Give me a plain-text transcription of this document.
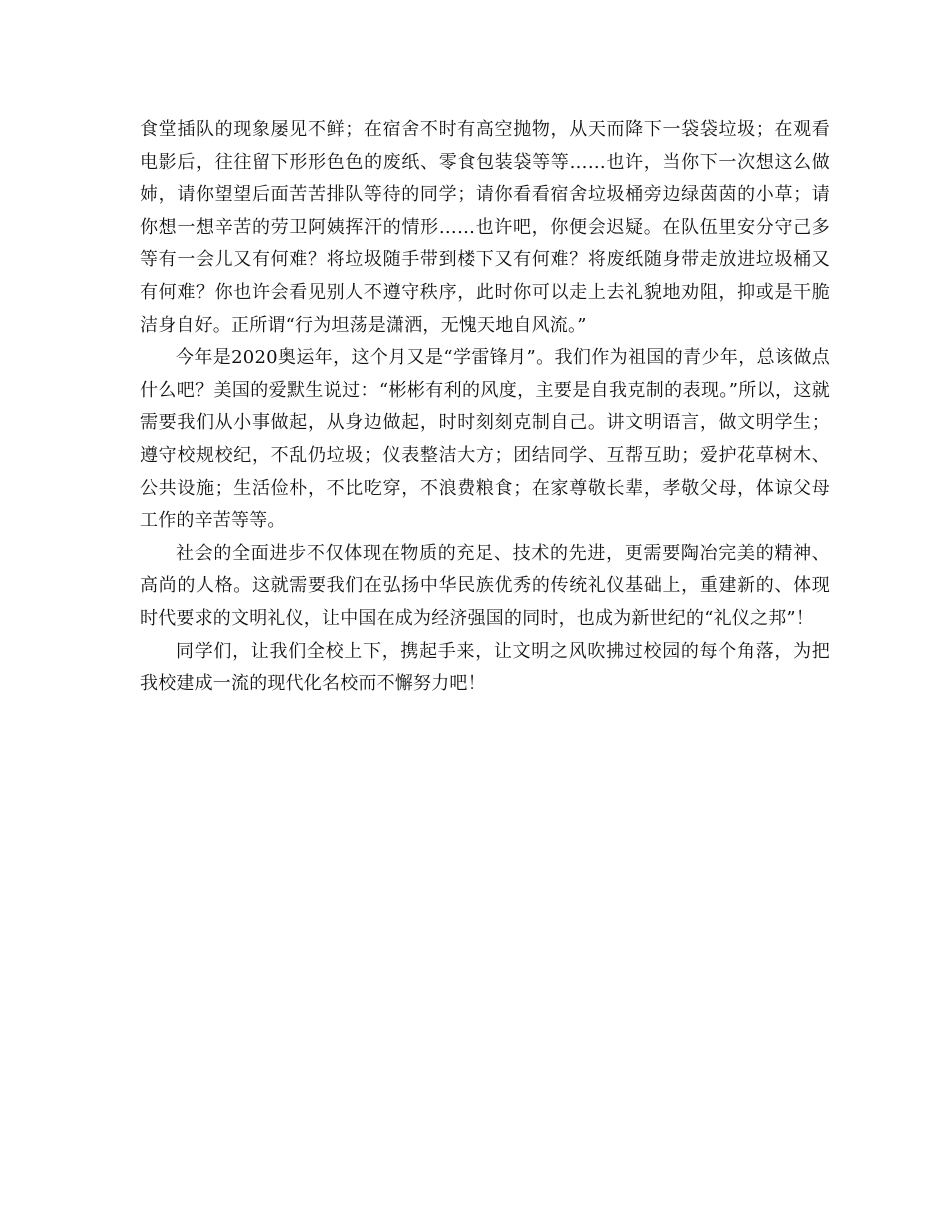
食堂插队的现象屡见不鲜；在宿舍不时有高空抛物，从天而降下一袋袋垃圾；在观看电影后，往往留下形形色色的废纸、零食包装袋等等……也许，当你下一次想这么做姉，请你望望后面苦苦排队等待的同学；请你看看宿舍垃圾桶旁边绿茵茵的小草；请你想一想辛苦的劳卫阿姨挥汗的情形……也许吧，你便会迟疑。在队伍里安分守己多等有一会儿又有何难？将垃圾随手带到楼下又有何难？将废纸随身带走放进垃圾桶又有何难？你也许会看见别人不遵守秩序，此时你可以走上去礼貌地劝阻，抑或是干脆洁身自好。正所谓“行为坦荡是潇洒，无愧天地自风流。”

今年是2020奥运年，这个月又是“学雷锋月”。我们作为祖国的青少年，总该做点什么吧？美国的爱默生说过：“彬彬有利的风度，主要是自我克制的表现。”所以，这就需要我们从小事做起，从身边做起，时时刻刻克制自己。讲文明语言，做文明学生；遵守校规校纪，不乱仍垃圾；仪表整洁大方；团结同学、互帮互助；爱护花草树木、公共设施；生活俭朴，不比吃穿，不浪费粮食；在家尊敬长辈，孝敬父母，体谅父母工作的辛苦等等。

社会的全面进步不仅体现在物质的充足、技术的先进，更需要陶冶完美的精神、高尚的人格。这就需要我们在弘扬中华民族优秀的传统礼仪基础上，重建新的、体现时代要求的文明礼仪，让中国在成为经济强国的同时，也成为新世纪的“礼仪之邦”！

同学们，让我们全校上下，携起手来，让文明之风吹拂过校园的每个角落，为把我校建成一流的现代化名校而不懈努力吧！
